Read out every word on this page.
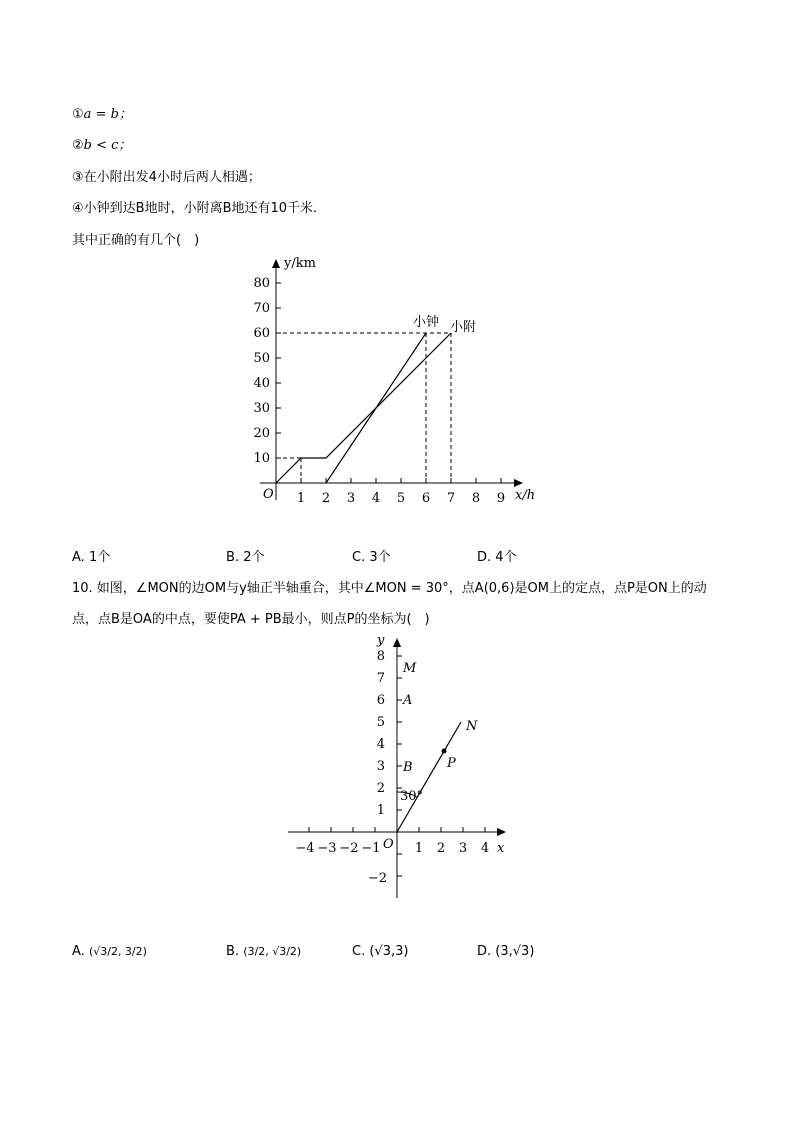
①a = b；
②b < c；
③在小附出发4小时后两人相遇；
④小钟到达B地时，小附离B地还有10千米．
其中正确的有几个(　)
10
20
30
40
50
60
70
80
1 2 3 4 5 6 7 8 9
O
y/km
x/h
小钟 小附
A. 1个	B. 2个	C. 3个	D. 4个
10. 如图，∠MON的边OM与y轴正半轴重合，其中∠MON = 30°，点A(0,6)是OM上的定点，点P是ON上的动
点，点B是OA的中点，要使PA + PB最小，则点P的坐标为(　)
1
2
3
4
5
6
7
8
−2
−4 −3 −2 −1	1 2 3 4
O
y
x
M
A
B
N
P
30°
A. (√3/2, 3/2)	B. (3/2, √3/2)	C. (√3,3)	D. (3,√3)
